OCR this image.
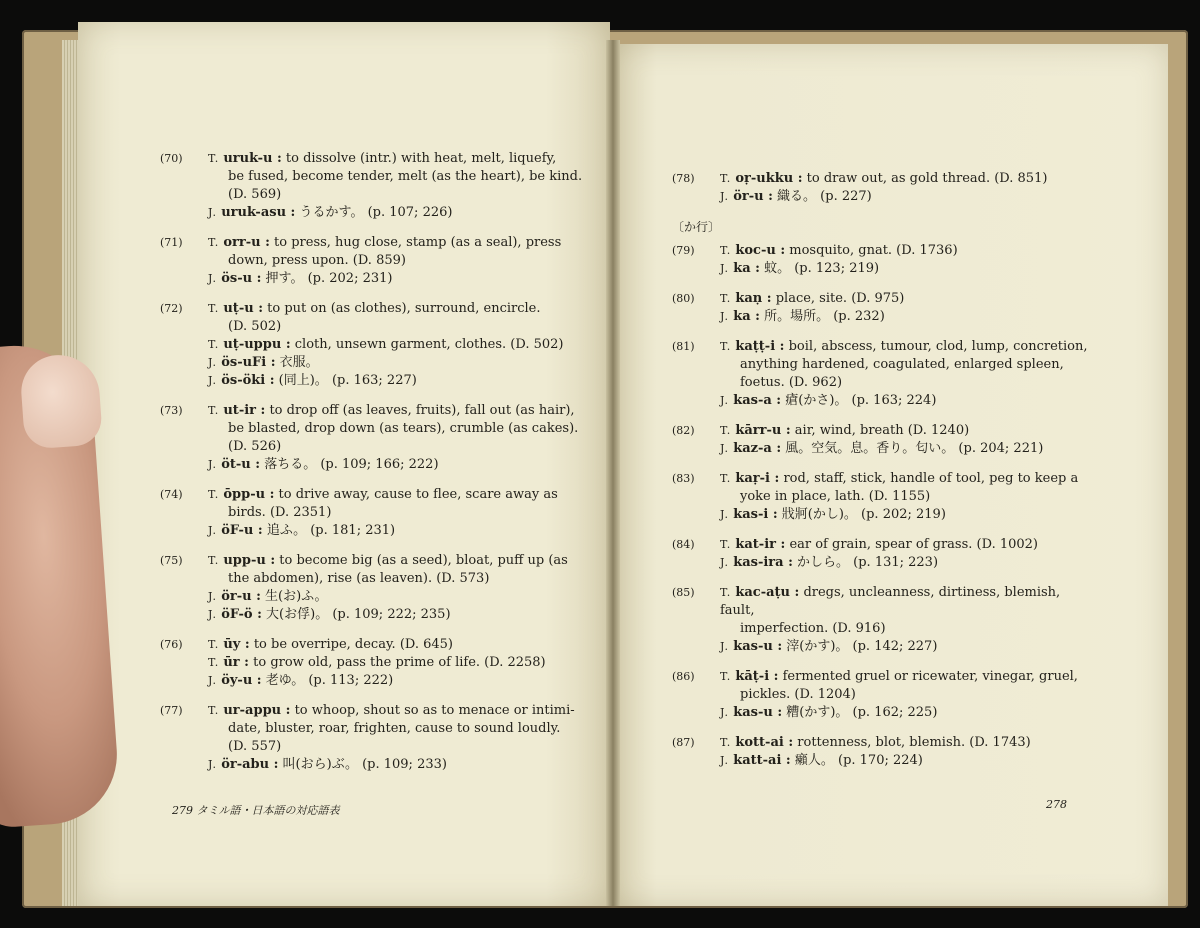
(70)	T. uruk-u : to dissolve (intr.) with heat, melt, liquefy,
be fused, become tender, melt (as the heart), be kind.
(D. 569)
J. uruk-asu : うるかす。 (p. 107; 226)
(71)	T. orr-u : to press, hug close, stamp (as a seal), press
down, press upon. (D. 859)
J. ös-u : 押す。 (p. 202; 231)
(72)	T. uṭ-u : to put on (as clothes), surround, encircle.
(D. 502)
T. uṭ-uppu : cloth, unsewn garment, clothes. (D. 502)
J. ös-uFi : 衣服。
J. ös-öki : (同上)。 (p. 163; 227)
(73)	T. ut-ir : to drop off (as leaves, fruits), fall out (as hair),
be blasted, drop down (as tears), crumble (as cakes).
(D. 526)
J. öt-u : 落ちる。 (p. 109; 166; 222)
(74)	T. ōpp-u : to drive away, cause to flee, scare away as
birds. (D. 2351)
J. öF-u : 追ふ。 (p. 181; 231)
(75)	T. upp-u : to become big (as a seed), bloat, puff up (as
the abdomen), rise (as leaven). (D. 573)
J. ör-u : 生(お)ふ。
J. öF-ö : 大(お俘)。 (p. 109; 222; 235)
(76)	T. ūy : to be overripe, decay. (D. 645)
T. ūr : to grow old, pass the prime of life. (D. 2258)
J. öy-u : 老ゆ。 (p. 113; 222)
(77)	T. ur-appu : to whoop, shout so as to menace or intimi-
date, bluster, roar, frighten, cause to sound loudly.
(D. 557)
J. ör-abu : 叫(おら)ぶ。 (p. 109; 233)
279 タミル語・日本語の対応語表
(78)	T. oṛ-ukku : to draw out, as gold thread. (D. 851)
J. ör-u : 織る。 (p. 227)
〔か行〕
(79)	T. koc-u : mosquito, gnat. (D. 1736)
J. ka : 蚊。 (p. 123; 219)
(80)	T. kaṇ : place, site. (D. 975)
J. ka : 所。場所。 (p. 232)
(81)	T. kaṭṭ-i : boil, abscess, tumour, clod, lump, concretion,
anything hardened, coagulated, enlarged spleen,
foetus. (D. 962)
J. kas-a : 瘡(かさ)。 (p. 163; 224)
(82)	T. kārr-u : air, wind, breath (D. 1240)
J. kaz-a : 風。空気。息。香り。匂い。 (p. 204; 221)
(83)	T. kaṛ-i : rod, staff, stick, handle of tool, peg to keep a
yoke in place, lath. (D. 1155)
J. kas-i : 戕牁(かし)。 (p. 202; 219)
(84)	T. kat-ir : ear of grain, spear of grass. (D. 1002)
J. kas-ira : かしら。 (p. 131; 223)
(85)	T. kac-aṭu : dregs, uncleanness, dirtiness, blemish, fault,
imperfection. (D. 916)
J. kas-u : 滓(かす)。 (p. 142; 227)
(86)	T. kāṭ-i : fermented gruel or ricewater, vinegar, gruel,
pickles. (D. 1204)
J. kas-u : 糟(かす)。 (p. 162; 225)
(87)	T. kott-ai : rottenness, blot, blemish. (D. 1743)
J. katt-ai : 癩人。 (p. 170; 224)
278
